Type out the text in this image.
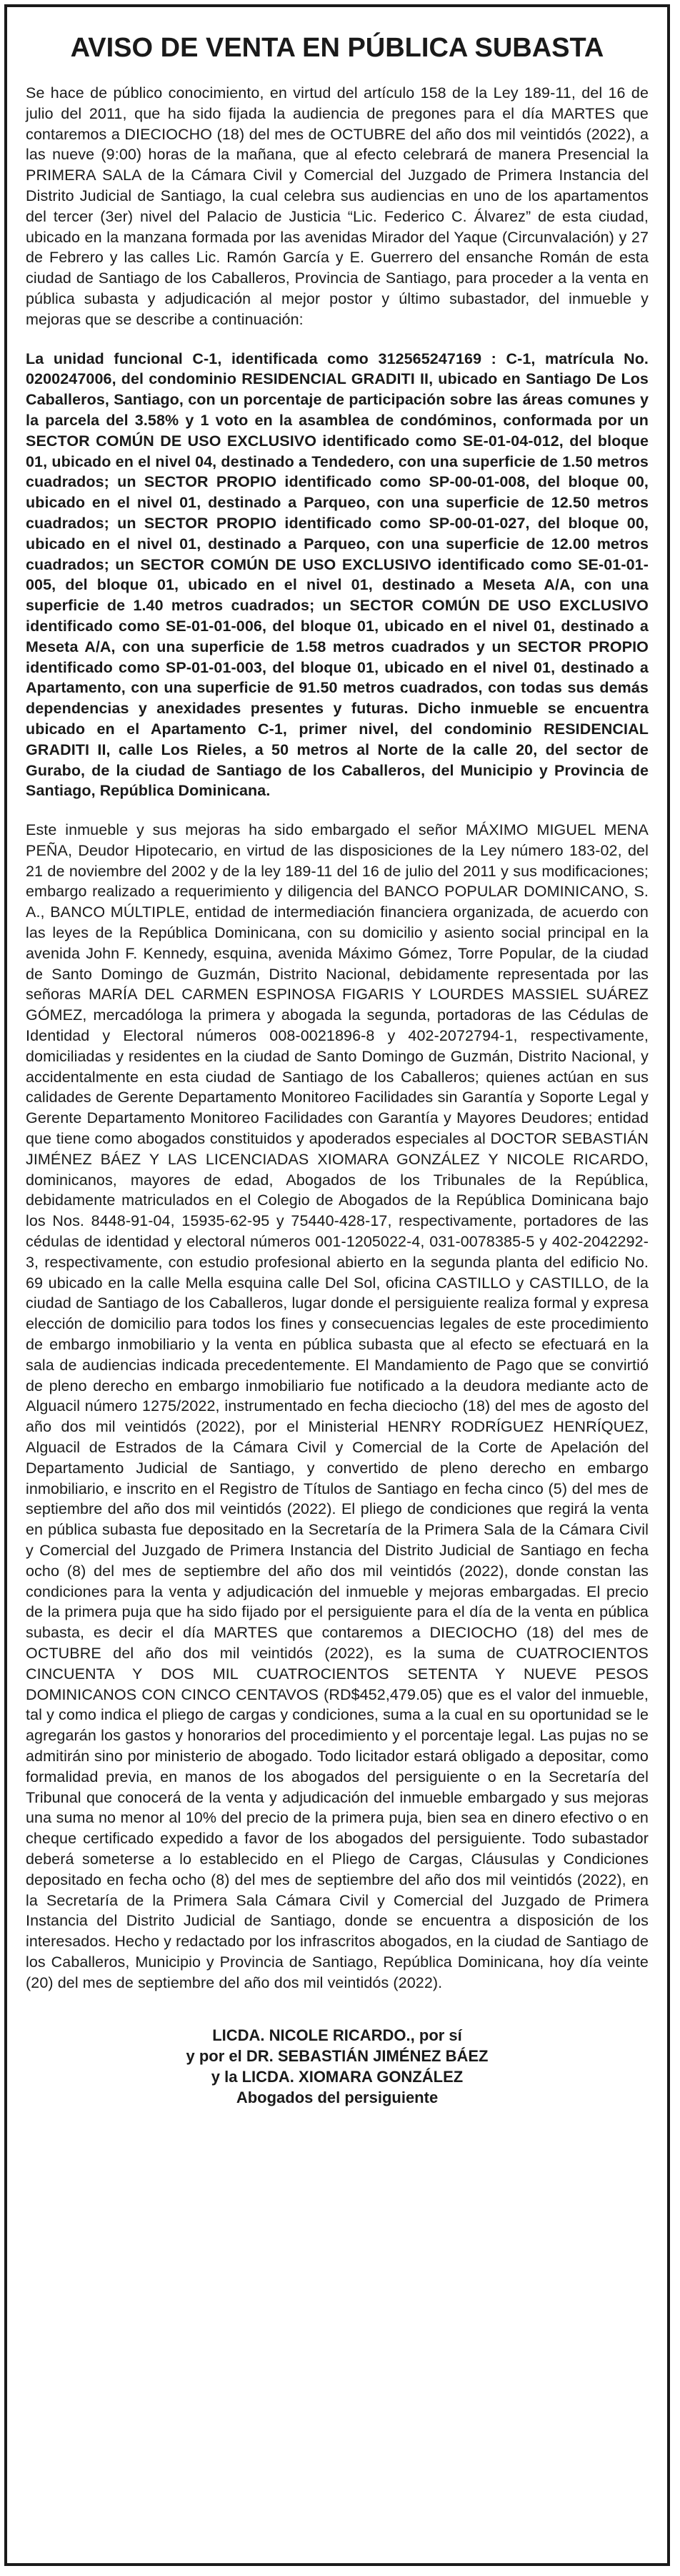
AVISO DE VENTA EN PÚBLICA SUBASTA

Se hace de público conocimiento, en virtud del artículo 158 de la Ley 189-11, del 16 de julio del 2011, que ha sido fijada la audiencia de pregones para el día MARTES que contaremos a DIECIOCHO (18) del mes de OCTUBRE del año dos mil veintidós (2022), a las nueve (9:00) horas de la mañana, que al efecto celebrará de manera Presencial la PRIMERA SALA de la Cámara Civil y Comercial del Juzgado de Primera Instancia del Distrito Judicial de Santiago, la cual celebra sus audiencias en uno de los apartamentos del tercer (3er) nivel del Palacio de Justicia “Lic. Federico C. Álvarez” de esta ciudad, ubicado en la manzana formada por las avenidas Mirador del Yaque (Circunvalación) y 27 de Febrero y las calles Lic. Ramón García y E. Guerrero del ensanche Román de esta ciudad de Santiago de los Caballeros, Provincia de Santiago, para proceder a la venta en pública subasta y adjudicación al mejor postor y último subastador, del inmueble y mejoras que se describe a continuación:

La unidad funcional C-1, identificada como 312565247169 : C-1, matrícula No. 0200247006, del condominio RESIDENCIAL GRADITI II, ubicado en Santiago De Los Caballeros, Santiago, con un porcentaje de participación sobre las áreas comunes y la parcela del 3.58% y 1 voto en la asamblea de condóminos, conformada por un SECTOR COMÚN DE USO EXCLUSIVO identificado como SE-01-04-012, del bloque 01, ubicado en el nivel 04, destinado a Tendedero, con una superficie de 1.50 metros cuadrados; un SECTOR PROPIO identificado como SP-00-01-008, del bloque 00, ubicado en el nivel 01, destinado a Parqueo, con una superficie de 12.50 metros cuadrados; un SECTOR PROPIO identificado como SP-00-01-027, del bloque 00, ubicado en el nivel 01, destinado a Parqueo, con una superficie de 12.00 metros cuadrados; un SECTOR COMÚN DE USO EXCLUSIVO identificado como SE-01-01-005, del bloque 01, ubicado en el nivel 01, destinado a Meseta A/A, con una superficie de 1.40 metros cuadrados; un SECTOR COMÚN DE USO EXCLUSIVO identificado como SE-01-01-006, del bloque 01, ubicado en el nivel 01, destinado a Meseta A/A, con una superficie de 1.58 metros cuadrados y un SECTOR PROPIO identificado como SP-01-01-003, del bloque 01, ubicado en el nivel 01, destinado a Apartamento, con una superficie de 91.50 metros cuadrados, con todas sus demás dependencias y anexidades presentes y futuras. Dicho inmueble se encuentra ubicado en el Apartamento C-1, primer nivel, del condominio RESIDENCIAL GRADITI II, calle Los Rieles, a 50 metros al Norte de la calle 20, del sector de Gurabo, de la ciudad de Santiago de los Caballeros, del Municipio y Provincia de Santiago, República Dominicana.

Este inmueble y sus mejoras ha sido embargado el señor MÁXIMO MIGUEL MENA PEÑA, Deudor Hipotecario, en virtud de las disposiciones de la Ley número 183-02, del 21 de noviembre del 2002 y de la ley 189-11 del 16 de julio del 2011 y sus modificaciones; embargo realizado a requerimiento y diligencia del BANCO POPULAR DOMINICANO, S. A., BANCO MÚLTIPLE, entidad de intermediación financiera organizada, de acuerdo con las leyes de la República Dominicana, con su domicilio y asiento social principal en la avenida John F. Kennedy, esquina, avenida Máximo Gómez, Torre Popular, de la ciudad de Santo Domingo de Guzmán, Distrito Nacional, debidamente representada por las señoras MARÍA DEL CARMEN ESPINOSA FIGARIS Y LOURDES MASSIEL SUÁREZ GÓMEZ, mercadóloga la primera y abogada la segunda, portadoras de las Cédulas de Identidad y Electoral números 008-0021896-8 y 402-2072794-1, respectivamente, domiciliadas y residentes en la ciudad de Santo Domingo de Guzmán, Distrito Nacional, y accidentalmente en esta ciudad de Santiago de los Caballeros; quienes actúan en sus calidades de Gerente Departamento Monitoreo Facilidades sin Garantía y Soporte Legal y Gerente Departamento Monitoreo Facilidades con Garantía y Mayores Deudores; entidad que tiene como abogados constituidos y apoderados especiales al DOCTOR SEBASTIÁN JIMÉNEZ BÁEZ Y LAS LICENCIADAS XIOMARA GONZÁLEZ Y NICOLE RICARDO, dominicanos, mayores de edad, Abogados de los Tribunales de la República, debidamente matriculados en el Colegio de Abogados de la República Dominicana bajo los Nos. 8448-91-04, 15935-62-95 y 75440-428-17, respectivamente, portadores de las cédulas de identidad y electoral números 001-1205022-4, 031-0078385-5 y 402-2042292-3, respectivamente, con estudio profesional abierto en la segunda planta del edificio No. 69 ubicado en la calle Mella esquina calle Del Sol, oficina CASTILLO y CASTILLO, de la ciudad de Santiago de los Caballeros, lugar donde el persiguiente realiza formal y expresa elección de domicilio para todos los fines y consecuencias legales de este procedimiento de embargo inmobiliario y la venta en pública subasta que al efecto se efectuará en la sala de audiencias indicada precedentemente. El Mandamiento de Pago que se convirtió de pleno derecho en embargo inmobiliario fue notificado a la deudora mediante acto de Alguacil número 1275/2022, instrumentado en fecha dieciocho (18) del mes de agosto del año dos mil veintidós (2022), por el Ministerial HENRY RODRÍGUEZ HENRÍQUEZ, Alguacil de Estrados de la Cámara Civil y Comercial de la Corte de Apelación del Departamento Judicial de Santiago, y convertido de pleno derecho en embargo inmobiliario, e inscrito en el Registro de Títulos de Santiago en fecha cinco (5) del mes de septiembre del año dos mil veintidós (2022). El pliego de condiciones que regirá la venta en pública subasta fue depositado en la Secretaría de la Primera Sala de la Cámara Civil y Comercial del Juzgado de Primera Instancia del Distrito Judicial de Santiago en fecha ocho (8) del mes de septiembre del año dos mil veintidós (2022), donde constan las condiciones para la venta y adjudicación del inmueble y mejoras embargadas. El precio de la primera puja que ha sido fijado por el persiguiente para el día de la venta en pública subasta, es decir el día MARTES que contaremos a DIECIOCHO (18) del mes de OCTUBRE del año dos mil veintidós (2022), es la suma de CUATROCIENTOS CINCUENTA Y DOS MIL CUATROCIENTOS SETENTA Y NUEVE PESOS DOMINICANOS CON CINCO CENTAVOS (RD$452,479.05) que es el valor del inmueble, tal y como indica el pliego de cargas y condiciones, suma a la cual en su oportunidad se le agregarán los gastos y honorarios del procedimiento y el porcentaje legal. Las pujas no se admitirán sino por ministerio de abogado. Todo licitador estará obligado a depositar, como formalidad previa, en manos de los abogados del persiguiente o en la Secretaría del Tribunal que conocerá de la venta y adjudicación del inmueble embargado y sus mejoras una suma no menor al 10% del precio de la primera puja, bien sea en dinero efectivo o en cheque certificado expedido a favor de los abogados del persiguiente. Todo subastador deberá someterse a lo establecido en el Pliego de Cargas, Cláusulas y Condiciones depositado en fecha ocho (8) del mes de septiembre del año dos mil veintidós (2022), en la Secretaría de la Primera Sala Cámara Civil y Comercial del Juzgado de Primera Instancia del Distrito Judicial de Santiago, donde se encuentra a disposición de los interesados. Hecho y redactado por los infrascritos abogados, en la ciudad de Santiago de los Caballeros, Municipio y Provincia de Santiago, República Dominicana, hoy día veinte (20) del mes de septiembre del año dos mil veintidós (2022).

LICDA. NICOLE RICARDO., por sí
y por el DR. SEBASTIÁN JIMÉNEZ BÁEZ
y la LICDA. XIOMARA GONZÁLEZ
Abogados del persiguiente
